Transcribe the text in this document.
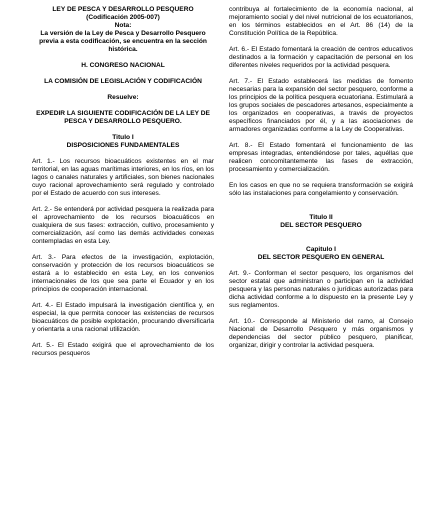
LEY DE PESCA Y DESARROLLO PESQUERO

(Codificación 2005-007)

Nota:

La versión de la Ley de Pesca y Desarrollo Pesquero previa a esta codificación, se encuentra en la sección histórica.

H. CONGRESO NACIONAL

LA COMISIÓN DE LEGISLACIÓN Y CODIFICACIÓN

Resuelve:

EXPEDIR LA SIGUIENTE CODIFICACIÓN DE LA LEY DE PESCA Y DESARROLLO PESQUERO.

Titulo I

DISPOSICIONES FUNDAMENTALES

Art. 1.- Los recursos bioacuáticos existentes en el mar territorial, en las aguas marítimas interiores, en los ríos, en los lagos o canales naturales y artificiales, son bienes nacionales cuyo racional aprovechamiento será regulado y controlado por el Estado de acuerdo con sus intereses.

Art. 2.- Se entenderá por actividad pesquera la realizada para el aprovechamiento de los recursos bioacuáticos en cualquiera de sus fases: extracción, cultivo, procesamiento y comercialización, así como las demás actividades conexas contempladas en esta Ley.

Art. 3.- Para efectos de la investigación, explotación, conservación y protección de los recursos bioacuáticos se estará a lo establecido en esta Ley, en los convenios internacionales de los que sea parte el Ecuador y en los principios de cooperación internacional.

Art. 4.- El Estado impulsará la investigación científica y, en especial, la que permita conocer las existencias de recursos bioacuáticos de posible explotación, procurando diversificarla y orientarla a una racional utilización.

Art. 5.- El Estado exigirá que el aprovechamiento de los recursos pesqueros

contribuya al fortalecimiento de la economía nacional, al mejoramiento social y del nivel nutricional de los ecuatorianos, en los términos establecidos en el Art. 86 (14) de la Constitución Política de la República.

Art. 6.- El Estado fomentará la creación de centros educativos destinados a la formación y capacitación de personal en los diferentes niveles requeridos por la actividad pesquera.

Art. 7.- El Estado establecerá las medidas de fomento necesarias para la expansión del sector pesquero, conforme a los principios de la política pesquera ecuatoriana. Estimulará a los grupos sociales de pescadores artesanos, especialmente a los organizados en cooperativas, a través de proyectos específicos financiados por él, y a las asociaciones de armadores organizadas conforme a la Ley de Cooperativas.

Art. 8.- El Estado fomentará el funcionamiento de las empresas integradas, entendiéndose por tales, aquéllas que realicen concomitantemente las fases de extracción, procesamiento y comercialización.

En los casos en que no se requiera transformación se exigirá sólo las instalaciones para congelamiento y conservación.

Titulo II

DEL SECTOR PESQUERO

Capitulo I

DEL SECTOR PESQUERO EN GENERAL

Art. 9.- Conforman el sector pesquero, los organismos del sector estatal que administran o participan en la actividad pesquera y las personas naturales o jurídicas autorizadas para dicha actividad conforme a lo dispuesto en la presente Ley y sus reglamentos.

Art. 10.- Corresponde al Ministerio del ramo, al Consejo Nacional de Desarrollo Pesquero y más organismos y dependencias del sector público pesquero, planificar, organizar, dirigir y controlar la actividad pesquera.
